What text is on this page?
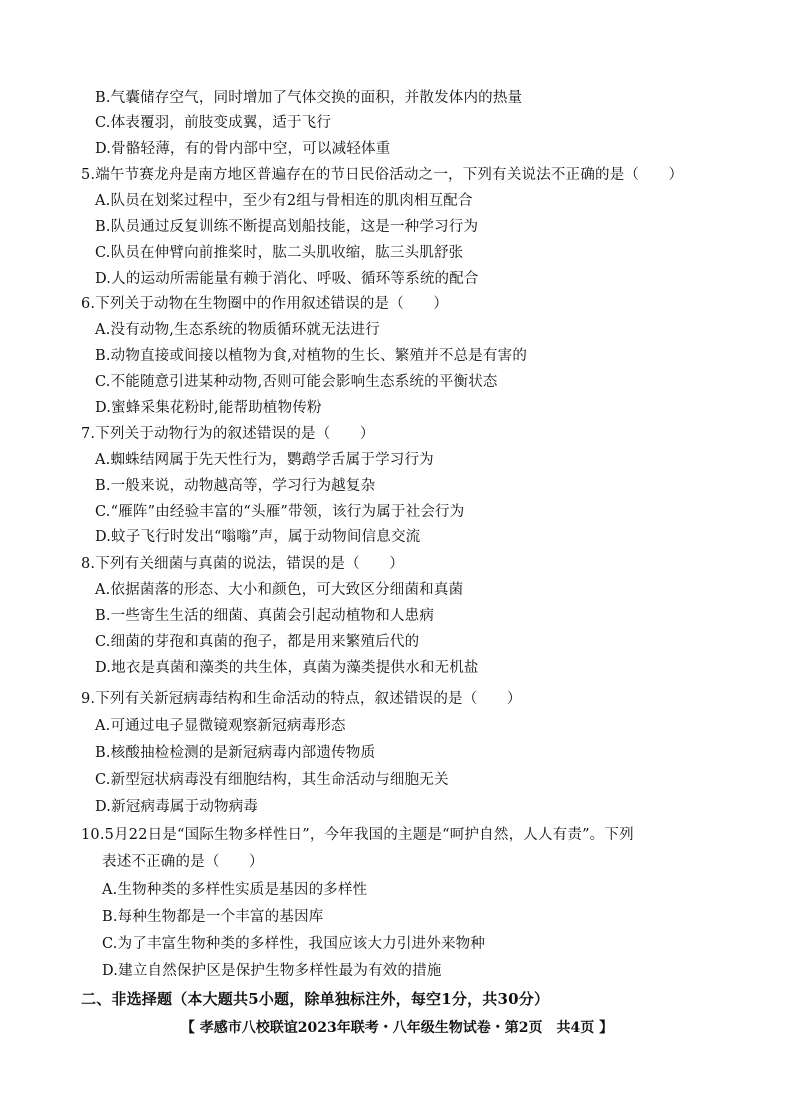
B.气囊储存空气，同时增加了气体交换的面积，并散发体内的热量
C.体表覆羽，前肢变成翼，适于飞行
D.骨骼轻薄，有的骨内部中空，可以减轻体重
5.端午节赛龙舟是南方地区普遍存在的节日民俗活动之一，下列有关说法不正确的是（　　）
A.队员在划桨过程中，至少有2组与骨相连的肌肉相互配合
B.队员通过反复训练不断提高划船技能，这是一种学习行为
C.队员在伸臂向前推桨时，肱二头肌收缩，肱三头肌舒张
D.人的运动所需能量有赖于消化、呼吸、循环等系统的配合
6.下列关于动物在生物圈中的作用叙述错误的是（　　）
A.没有动物,生态系统的物质循环就无法进行
B.动物直接或间接以植物为食,对植物的生长、繁殖并不总是有害的
C.不能随意引进某种动物,否则可能会影响生态系统的平衡状态
D.蜜蜂采集花粉时,能帮助植物传粉
7.下列关于动物行为的叙述错误的是（　　）
A.蜘蛛结网属于先天性行为，鹦鹉学舌属于学习行为
B.一般来说，动物越高等，学习行为越复杂
C.“雁阵”由经验丰富的“头雁”带领，该行为属于社会行为
D.蚊子飞行时发出“嗡嗡”声，属于动物间信息交流
8.下列有关细菌与真菌的说法，错误的是（　　）
A.依据菌落的形态、大小和颜色，可大致区分细菌和真菌
B.一些寄生生活的细菌、真菌会引起动植物和人患病
C.细菌的芽孢和真菌的孢子，都是用来繁殖后代的
D.地衣是真菌和藻类的共生体，真菌为藻类提供水和无机盐
9.下列有关新冠病毒结构和生命活动的特点，叙述错误的是（　　）
A.可通过电子显微镜观察新冠病毒形态
B.核酸抽检检测的是新冠病毒内部遗传物质
C.新型冠状病毒没有细胞结构，其生命活动与细胞无关
D.新冠病毒属于动物病毒
10.5月22日是“国际生物多样性日”，今年我国的主题是“呵护自然，人人有责”。下列
表述不正确的是（　　）
A.生物种类的多样性实质是基因的多样性
B.每种生物都是一个丰富的基因库
C.为了丰富生物种类的多样性，我国应该大力引进外来物种
D.建立自然保护区是保护生物多样性最为有效的措施
二、非选择题（本大题共5小题，除单独标注外，每空1分，共30分）
【 孝感市八校联谊2023年联考・八年级生物试卷・第2页　共4页 】
